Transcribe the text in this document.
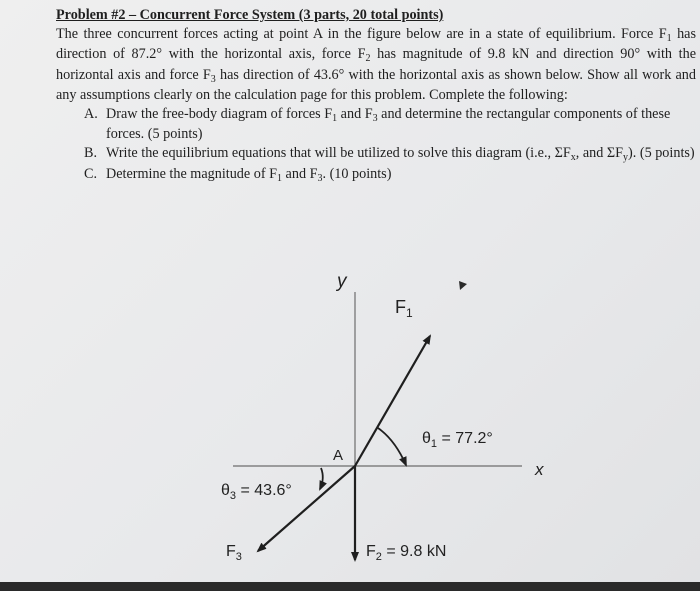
Problem #2 – Concurrent Force System (3 parts, 20 total points)

The three concurrent forces acting at point A in the figure below are in a state of equilibrium. Force $F_1$ has direction of 87.2° with the horizontal axis, force $F_2$ has magnitude of 9.8 kN and direction 90° with the horizontal axis and force $F_3$ has direction of 43.6° with the horizontal axis as shown below. Show all work and any assumptions clearly on the calculation page for this problem. Complete the following:

A. Draw the free-body diagram of forces $F_1$ and $F_3$ and determine the rectangular components of these forces. (5 points)
B. Write the equilibrium equations that will be utilized to solve this diagram (i.e., $\Sigma F_x$, and $\Sigma F_y$). (5 points)
C. Determine the magnitude of $F_1$ and $F_3$. (10 points)
y
x
A
$F_1$
$\theta_1 = 77.2^\circ$
$F_2 = 9.8$ kN
$F_3$
$\theta_3 = 43.6^\circ$
